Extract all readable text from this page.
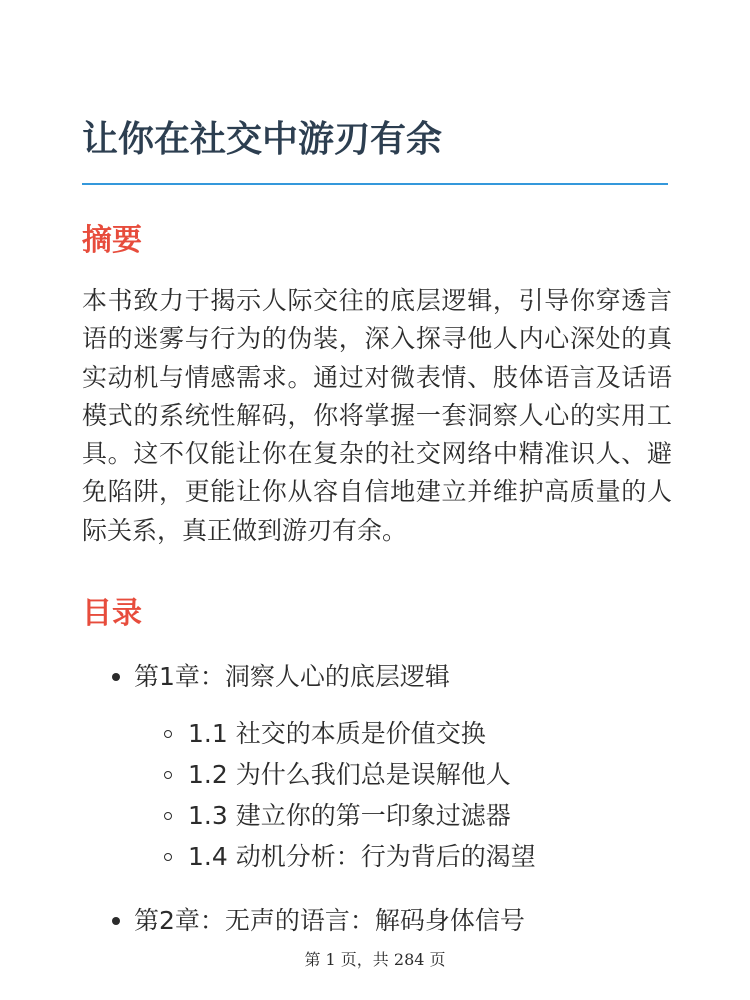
让你在社交中游刃有余
摘要

本书致力于揭示人际交往的底层逻辑，引导你穿透言语的迷雾与行为的伪装，深入探寻他人内心深处的真实动机与情感需求。通过对微表情、肢体语言及话语模式的系统性解码，你将掌握一套洞察人心的实用工具。这不仅能让你在复杂的社交网络中精准识人、避免陷阱，更能让你从容自信地建立并维护高质量的人际关系，真正做到游刃有余。

目录
第1章：洞察人心的底层逻辑
1.1 社交的本质是价值交换
1.2 为什么我们总是误解他人
1.3 建立你的第一印象过滤器
1.4 动机分析：行为背后的渴望
第2章：无声的语言：解码身体信号
第 1 页，共 284 页
